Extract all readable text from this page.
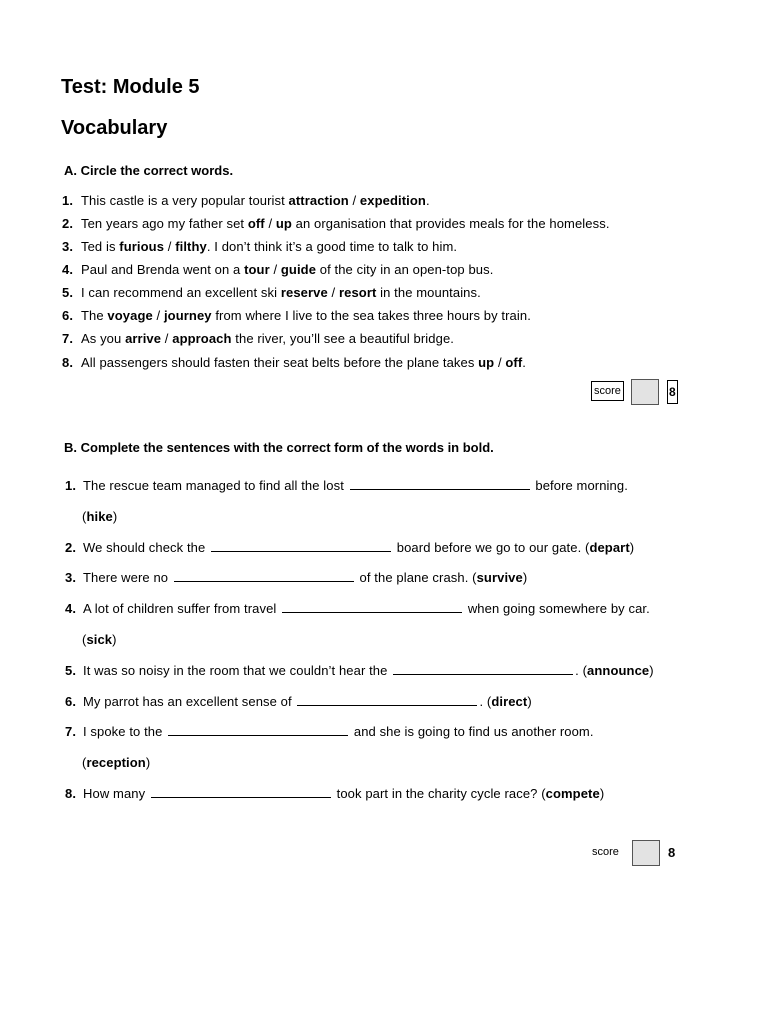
Test: Module 5
Vocabulary

A. Circle the correct words.

1. This castle is a very popular tourist attraction / expedition.
2. Ten years ago my father set off / up an organisation that provides meals for the homeless.
3. Ted is furious / filthy. I don’t think it’s a good time to talk to him.
4. Paul and Brenda went on a tour / guide of the city in an open-top bus.
5. I can recommend an excellent ski reserve / resort in the mountains.
6. The voyage / journey from where I live to the sea takes three hours by train.
7. As you arrive / approach the river, you’ll see a beautiful bridge.
8. All passengers should fasten their seat belts before the plane takes up / off.
score	8

B. Complete the sentences with the correct form of the words in bold.

1. The rescue team managed to find all the lost	before morning.
(hike)
2. We should check the	board before we go to our gate. (depart)
3. There were no	of the plane crash. (survive)
4. A lot of children suffer from travel	when going somewhere by car.
(sick)
5. It was so noisy in the room that we couldn’t hear the	. (announce)
6. My parrot has an excellent sense of	. (direct)
7. I spoke to the	and she is going to find us another room.
(reception)
8. How many	took part in the charity cycle race? (compete)
score	8
